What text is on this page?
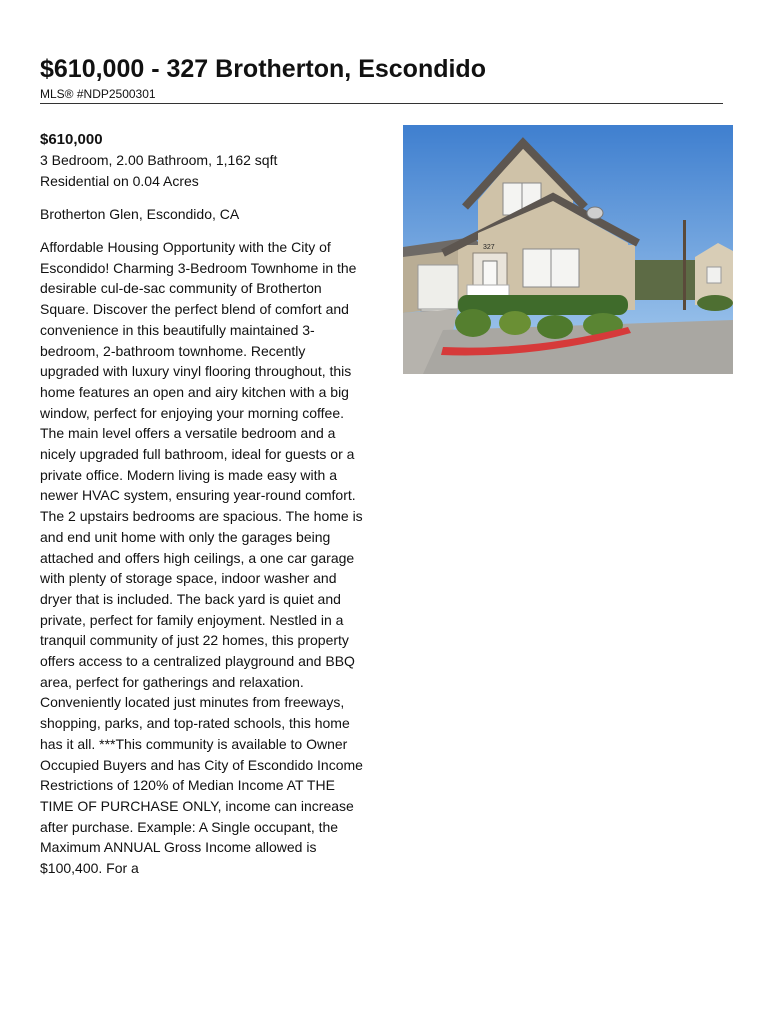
$610,000 - 327 Brotherton, Escondido
MLS® #NDP2500301

$610,000

3 Bedroom, 2.00 Bathroom, 1,162 sqft

Residential on 0.04 Acres

Brotherton Glen, Escondido, CA
Affordable Housing Opportunity with the City of Escondido! Charming 3-Bedroom Townhome in the desirable cul-de-sac community of Brotherton Square. Discover the perfect blend of comfort and convenience in this beautifully maintained 3-bedroom, 2-bathroom townhome. Recently upgraded with luxury vinyl flooring throughout, this home features an open and airy kitchen with a big window, perfect for enjoying your morning coffee. The main level offers a versatile bedroom and a nicely upgraded full bathroom, ideal for guests or a private office. Modern living is made easy with a newer HVAC system, ensuring year-round comfort. The 2 upstairs bedrooms are spacious. The home is and end unit home with only the garages being attached and offers high ceilings, a one car garage with plenty of storage space, indoor washer and dryer that is included. The back yard is quiet and private, perfect for family enjoyment. Nestled in a tranquil community of just 22 homes, this property offers access to a centralized playground and BBQ area, perfect for gatherings and relaxation. Conveniently located just minutes from freeways, shopping, parks, and top-rated schools, this home has it all. ***This community is available to Owner Occupied Buyers and has City of Escondido Income Restrictions of 120% of Median Income AT THE TIME OF PURCHASE ONLY, income can increase after purchase. Example: A Single occupant, the Maximum ANNUAL Gross Income allowed is $100,400. For a
327
